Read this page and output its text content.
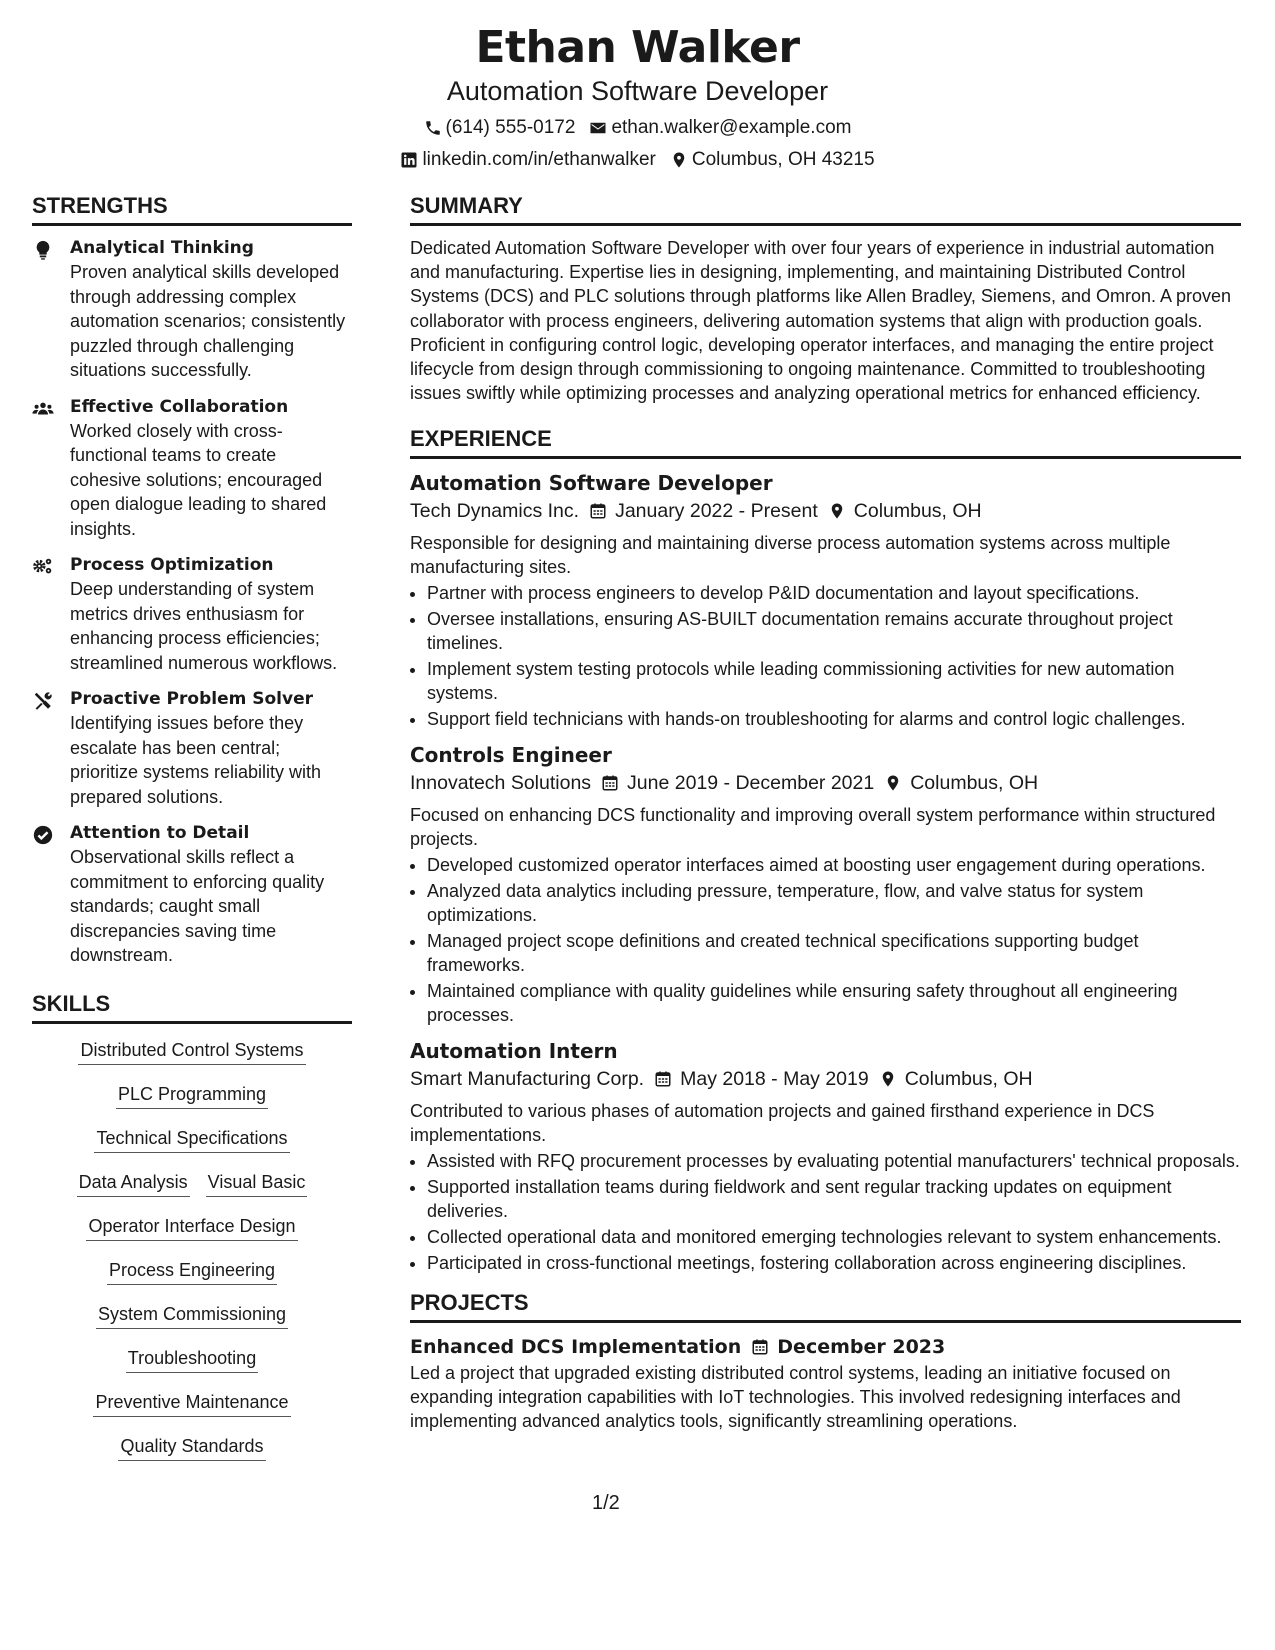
Ethan Walker
Automation Software Developer
(614) 555-0172 ethan.walker@example.com
linkedin.com/in/ethanwalker Columbus, OH 43215
STRENGTHS
Analytical Thinking
Proven analytical skills developed through addressing complex automation scenarios; consistently puzzled through challenging situations successfully.
Effective Collaboration
Worked closely with cross-functional teams to create cohesive solutions; encouraged open dialogue leading to shared insights.
Process Optimization
Deep understanding of system metrics drives enthusiasm for enhancing process efficiencies; streamlined numerous workflows.
Proactive Problem Solver
Identifying issues before they escalate has been central; prioritize systems reliability with prepared solutions.
Attention to Detail
Observational skills reflect a commitment to enforcing quality standards; caught small discrepancies saving time downstream.
SKILLS
Distributed Control Systems
PLC Programming
Technical Specifications
Data Analysis Visual Basic
Operator Interface Design
Process Engineering
System Commissioning
Troubleshooting
Preventive Maintenance
Quality Standards
SUMMARY
Dedicated Automation Software Developer with over four years of experience in industrial automation and manufacturing. Expertise lies in designing, implementing, and maintaining Distributed Control Systems (DCS) and PLC solutions through platforms like Allen Bradley, Siemens, and Omron. A proven collaborator with process engineers, delivering automation systems that align with production goals. Proficient in configuring control logic, developing operator interfaces, and managing the entire project lifecycle from design through commissioning to ongoing maintenance. Committed to troubleshooting issues swiftly while optimizing processes and analyzing operational metrics for enhanced efficiency.
EXPERIENCE
Automation Software Developer
Tech Dynamics Inc. January 2022 - Present Columbus, OH
Responsible for designing and maintaining diverse process automation systems across multiple manufacturing sites.
• Partner with process engineers to develop P&ID documentation and layout specifications.
• Oversee installations, ensuring AS-BUILT documentation remains accurate throughout project timelines.
• Implement system testing protocols while leading commissioning activities for new automation systems.
• Support field technicians with hands-on troubleshooting for alarms and control logic challenges.
Controls Engineer
Innovatech Solutions June 2019 - December 2021 Columbus, OH
Focused on enhancing DCS functionality and improving overall system performance within structured projects.
• Developed customized operator interfaces aimed at boosting user engagement during operations.
• Analyzed data analytics including pressure, temperature, flow, and valve status for system optimizations.
• Managed project scope definitions and created technical specifications supporting budget frameworks.
• Maintained compliance with quality guidelines while ensuring safety throughout all engineering processes.
Automation Intern
Smart Manufacturing Corp. May 2018 - May 2019 Columbus, OH
Contributed to various phases of automation projects and gained firsthand experience in DCS implementations.
• Assisted with RFQ procurement processes by evaluating potential manufacturers' technical proposals.
• Supported installation teams during fieldwork and sent regular tracking updates on equipment deliveries.
• Collected operational data and monitored emerging technologies relevant to system enhancements.
• Participated in cross-functional meetings, fostering collaboration across engineering disciplines.
PROJECTS
Enhanced DCS Implementation December 2023
Led a project that upgraded existing distributed control systems, leading an initiative focused on expanding integration capabilities with IoT technologies. This involved redesigning interfaces and implementing advanced analytics tools, significantly streamlining operations.
1/2
